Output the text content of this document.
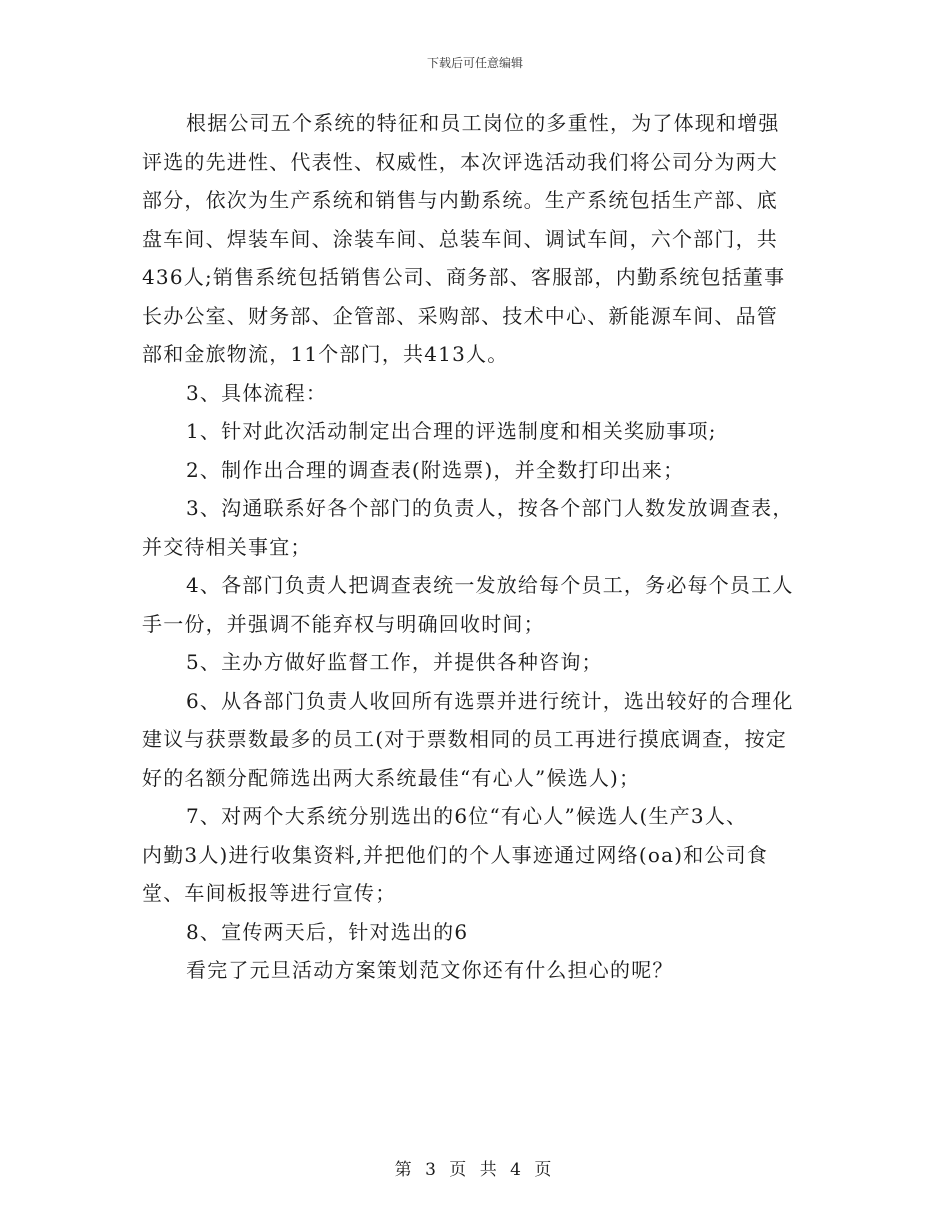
下载后可任意编辑
根据公司五个系统的特征和员工岗位的多重性，为了体现和增强
评选的先进性、代表性、权威性，本次评选活动我们将公司分为两大
部分，依次为生产系统和销售与内勤系统。生产系统包括生产部、底
盘车间、焊装车间、涂装车间、总装车间、调试车间，六个部门，共
436人;销售系统包括销售公司、商务部、客服部，内勤系统包括董事
长办公室、财务部、企管部、采购部、技术中心、新能源车间、品管
部和金旅物流，11个部门，共413人。
3、具体流程：
1、针对此次活动制定出合理的评选制度和相关奖励事项;
2、制作出合理的调查表(附选票)，并全数打印出来；
3、沟通联系好各个部门的负责人，按各个部门人数发放调查表，
并交待相关事宜；
4、各部门负责人把调查表统一发放给每个员工，务必每个员工人
手一份，并强调不能弃权与明确回收时间；
5、主办方做好监督工作，并提供各种咨询；
6、从各部门负责人收回所有选票并进行统计，选出较好的合理化
建议与获票数最多的员工(对于票数相同的员工再进行摸底调查，按定
好的名额分配筛选出两大系统最佳“有心人”候选人)；
7、对两个大系统分别选出的6位“有心人”候选人(生产3人、
内勤3人)进行收集资料,并把他们的个人事迹通过网络(oa)和公司食
堂、车间板报等进行宣传；
8、宣传两天后，针对选出的6
看完了元旦活动方案策划范文你还有什么担心的呢？
第 3 页 共 4 页
